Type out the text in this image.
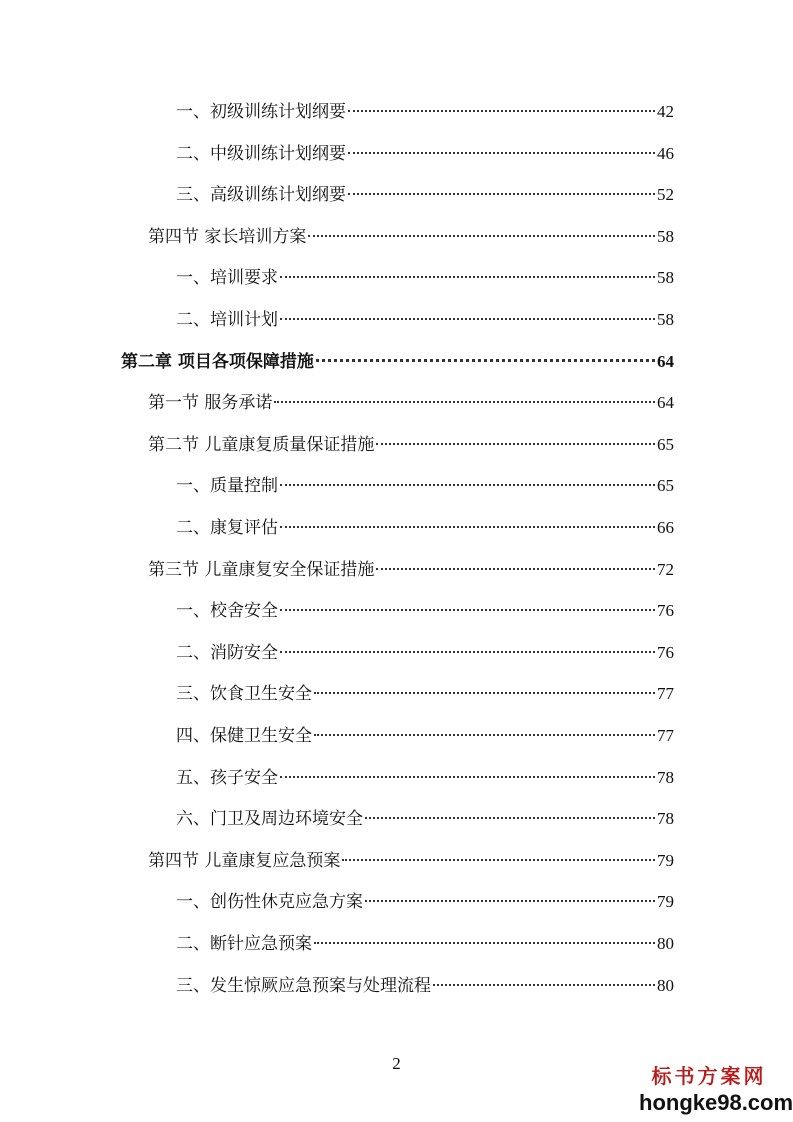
一、初级训练计划纲要	42
二、中级训练计划纲要	46
三、高级训练计划纲要	52
第四节 家长培训方案	58
一、培训要求	58
二、培训计划	58
第二章 项目各项保障措施	64
第一节 服务承诺	64
第二节 儿童康复质量保证措施	65
一、质量控制	65
二、康复评估	66
第三节 儿童康复安全保证措施	72
一、校舍安全	76
二、消防安全	76
三、饮食卫生安全	77
四、保健卫生安全	77
五、孩子安全	78
六、门卫及周边环境安全	78
第四节 儿童康复应急预案	79
一、创伤性休克应急方案	79
二、断针应急预案	80
三、发生惊厥应急预案与处理流程	80
2
标书方案网
hongke98.com
